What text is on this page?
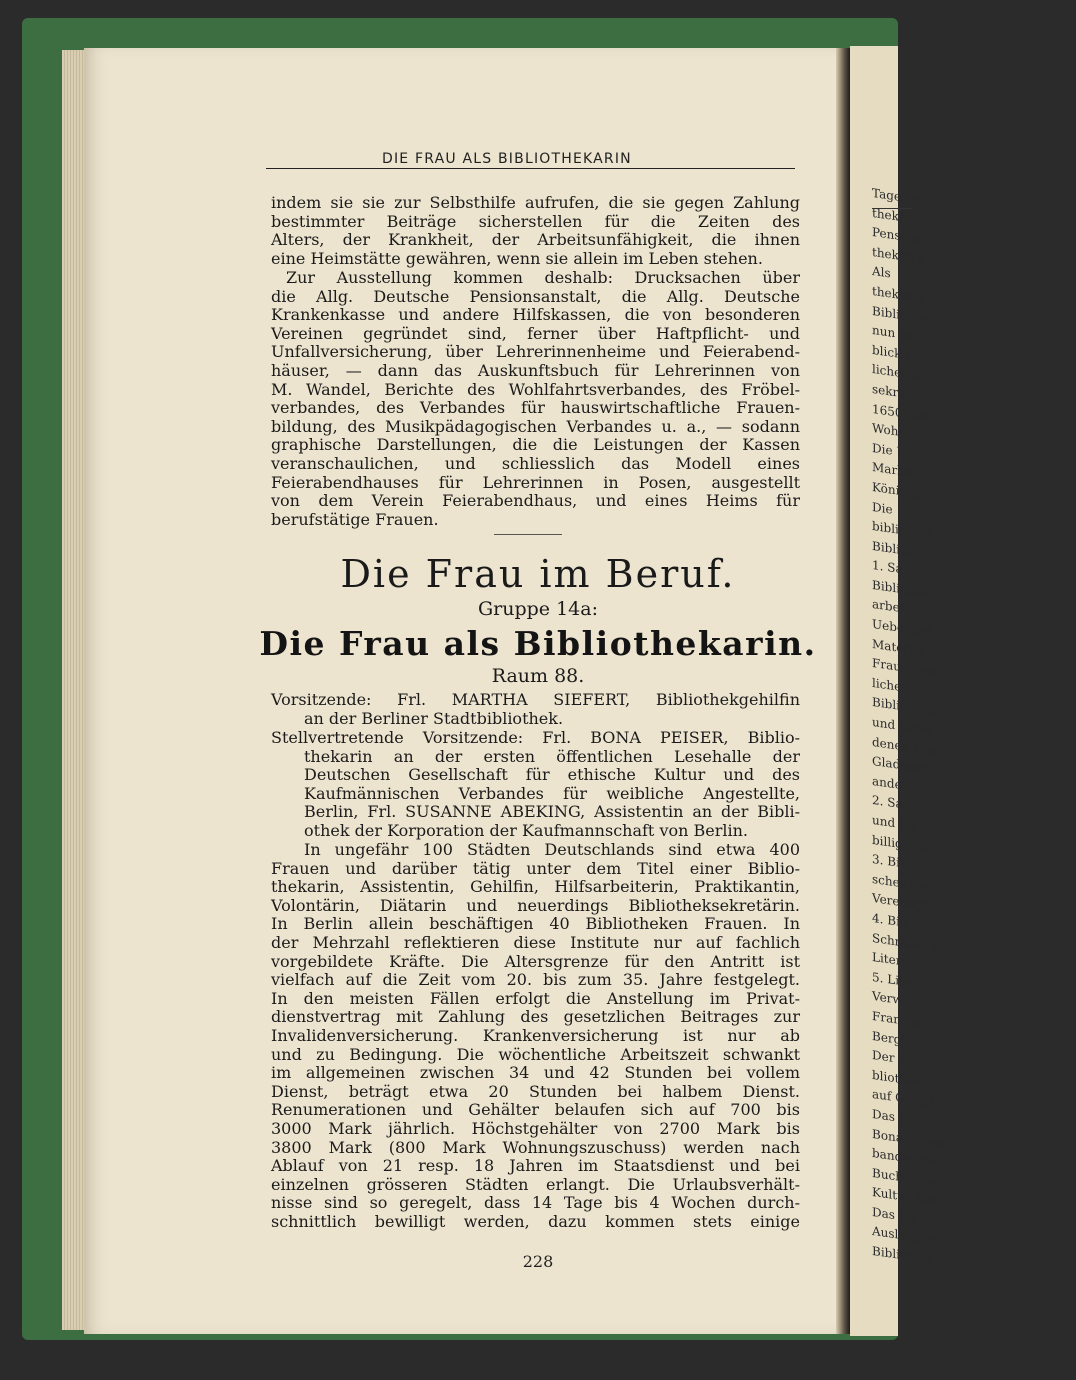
Tage Di
theken
Pension
theken e
Als
theksekr
Bibliothe
nun ents
blick au
lichen K
sekretäri
1650 Mar
Wohnun
Die Ur
Marburg
Königsb
Die
bibliothek
Bibliothek
1. Sa
Bibliothek
arbeit vo
Uebersich
Material
Frauen ge
liche Bi
Bibliotheks
und Geha
denen Fra
Gladbach,
andere).
2. Sa
und für d
billigen A
3. Bib
scher Fra
Vereinigun
4. Bib
Schriften z
Literatur,
5. Lite
Verwendun
Francke,
Bergisch-Gl
Der A
bliothek
auf Grund
Das S
Bona Peiser
bandes für
Buch Lese
Kultur, Ber
Das Ka
Ausland-Pu
Bibliothek
DIE FRAU ALS BIBLIOTHEKARIN
indem sie sie zur Selbsthilfe aufrufen, die sie gegen Zahlung
bestimmter Beiträge sicherstellen für die Zeiten des
Alters, der Krankheit, der Arbeitsunfähigkeit, die ihnen
eine Heimstätte gewähren, wenn sie allein im Leben stehen.
Zur Ausstellung kommen deshalb: Drucksachen über
die Allg. Deutsche Pensionsanstalt, die Allg. Deutsche
Krankenkasse und andere Hilfskassen, die von besonderen
Vereinen gegründet sind, ferner über Haftpflicht- und
Unfallversicherung, über Lehrerinnenheime und Feierabend-
häuser, — dann das Auskunftsbuch für Lehrerinnen von
M. Wandel, Berichte des Wohlfahrtsverbandes, des Fröbel-
verbandes, des Verbandes für hauswirtschaftliche Frauen-
bildung, des Musikpädagogischen Verbandes u. a., — sodann
graphische Darstellungen, die die Leistungen der Kassen
veranschaulichen, und schliesslich das Modell eines
Feierabendhauses für Lehrerinnen in Posen, ausgestellt
von dem Verein Feierabendhaus, und eines Heims für
berufstätige Frauen.
Die Frau im Beruf.
Gruppe 14a:
Die Frau als Bibliothekarin.
Raum 88.
Vorsitzende: Frl. MARTHA SIEFERT, Bibliothekgehilfin
an der Berliner Stadtbibliothek.
Stellvertretende Vorsitzende: Frl. BONA PEISER, Biblio-
thekarin an der ersten öffentlichen Lesehalle der
Deutschen Gesellschaft für ethische Kultur und des
Kaufmännischen Verbandes für weibliche Angestellte,
Berlin, Frl. SUSANNE ABEKING, Assistentin an der Bibli-
othek der Korporation der Kaufmannschaft von Berlin.
In ungefähr 100 Städten Deutschlands sind etwa 400
Frauen und darüber tätig unter dem Titel einer Biblio-
thekarin, Assistentin, Gehilfin, Hilfsarbeiterin, Praktikantin,
Volontärin, Diätarin und neuerdings Bibliotheksekretärin.
In Berlin allein beschäftigen 40 Bibliotheken Frauen. In
der Mehrzahl reflektieren diese Institute nur auf fachlich
vorgebildete Kräfte. Die Altersgrenze für den Antritt ist
vielfach auf die Zeit vom 20. bis zum 35. Jahre festgelegt.
In den meisten Fällen erfolgt die Anstellung im Privat-
dienstvertrag mit Zahlung des gesetzlichen Beitrages zur
Invalidenversicherung. Krankenversicherung ist nur ab
und zu Bedingung. Die wöchentliche Arbeitszeit schwankt
im allgemeinen zwischen 34 und 42 Stunden bei vollem
Dienst, beträgt etwa 20 Stunden bei halbem Dienst.
Renumerationen und Gehälter belaufen sich auf 700 bis
3000 Mark jährlich. Höchstgehälter von 2700 Mark bis
3800 Mark (800 Mark Wohnungszuschuss) werden nach
Ablauf von 21 resp. 18 Jahren im Staatsdienst und bei
einzelnen grösseren Städten erlangt. Die Urlaubsverhält-
nisse sind so geregelt, dass 14 Tage bis 4 Wochen durch-
schnittlich bewilligt werden, dazu kommen stets einige
228
